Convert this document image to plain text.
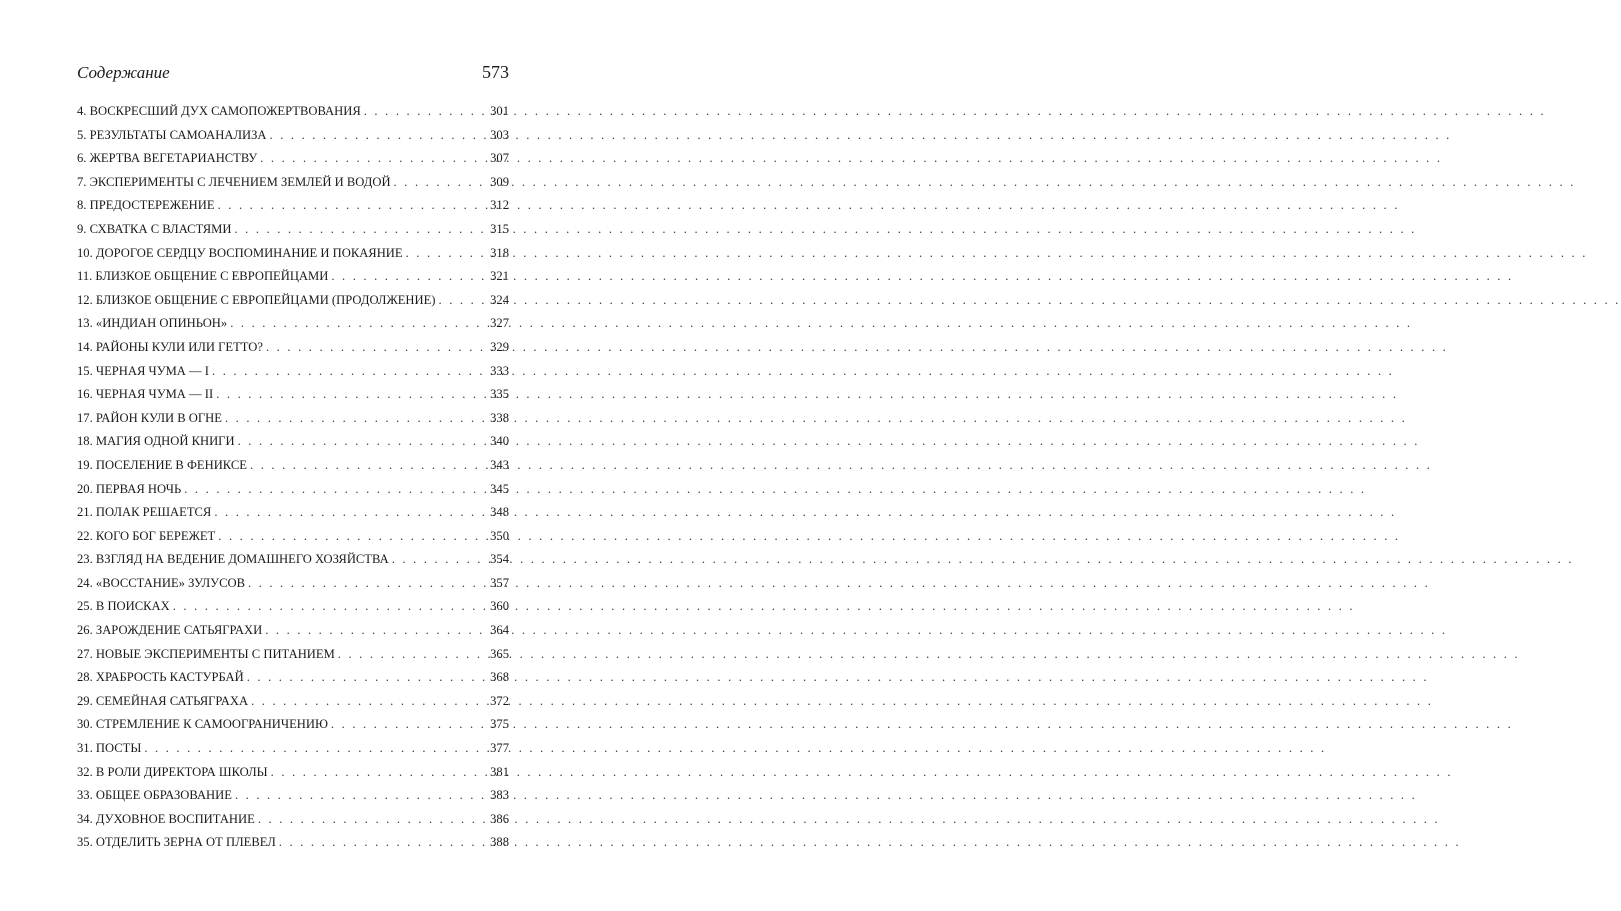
Содержание	573
4. ВОСКРЕСШИЙ ДУХ САМОПОЖЕРТВОВАНИЯ . . .	301
5. РЕЗУЛЬТАТЫ САМОАНАЛИЗА . . .	303
6. ЖЕРТВА ВЕГЕТАРИАНСТВУ . . .	307
7. ЭКСПЕРИМЕНТЫ С ЛЕЧЕНИЕМ ЗЕМЛЕЙ И ВОДОЙ . . .	309
8. ПРЕДОСТЕРЕЖЕНИЕ . . .	312
9. СХВАТКА С ВЛАСТЯМИ . . .	315
10. ДОРОГОЕ СЕРДЦУ ВОСПОМИНАНИЕ И ПОКАЯНИЕ . . .	318
11. БЛИЗКОЕ ОБЩЕНИЕ С ЕВРОПЕЙЦАМИ . . .	321
12. БЛИЗКОЕ ОБЩЕНИЕ С ЕВРОПЕЙЦАМИ (ПРОДОЛЖЕНИЕ) . . .	324
13. «ИНДИАН ОПИНЬОН» . . .	327
14. РАЙОНЫ КУЛИ ИЛИ ГЕТТО? . . .	329
15. ЧЕРНАЯ ЧУМА — I . . .	333
16. ЧЕРНАЯ ЧУМА — II . . .	335
17. РАЙОН КУЛИ В ОГНЕ . . .	338
18. МАГИЯ ОДНОЙ КНИГИ . . .	340
19. ПОСЕЛЕНИЕ В ФЕНИКСЕ . . .	343
20. ПЕРВАЯ НОЧЬ . . .	345
21. ПОЛАК РЕШАЕТСЯ . . .	348
22. КОГО БОГ БЕРЕЖЕТ . . .	350
23. ВЗГЛЯД НА ВЕДЕНИЕ ДОМАШНЕГО ХОЗЯЙСТВА . . .	354
24. «ВОССТАНИЕ» ЗУЛУСОВ . . .	357
25. В ПОИСКАХ . . .	360
26. ЗАРОЖДЕНИЕ САТЬЯГРАХИ . . .	364
27. НОВЫЕ ЭКСПЕРИМЕНТЫ С ПИТАНИЕМ . . .	365
28. ХРАБРОСТЬ КАСТУРБАЙ . . .	368
29. СЕМЕЙНАЯ САТЬЯГРАХА . . .	372
30. СТРЕМЛЕНИЕ К САМООГРАНИЧЕНИЮ . . .	375
31. ПОСТЫ . . .	377
32. В РОЛИ ДИРЕКТОРА ШКОЛЫ . . .	381
33. ОБЩЕЕ ОБРАЗОВАНИЕ . . .	383
34. ДУХОВНОЕ ВОСПИТАНИЕ . . .	386
35. ОТДЕЛИТЬ ЗЕРНА ОТ ПЛЕВЕЛ . . .	388
